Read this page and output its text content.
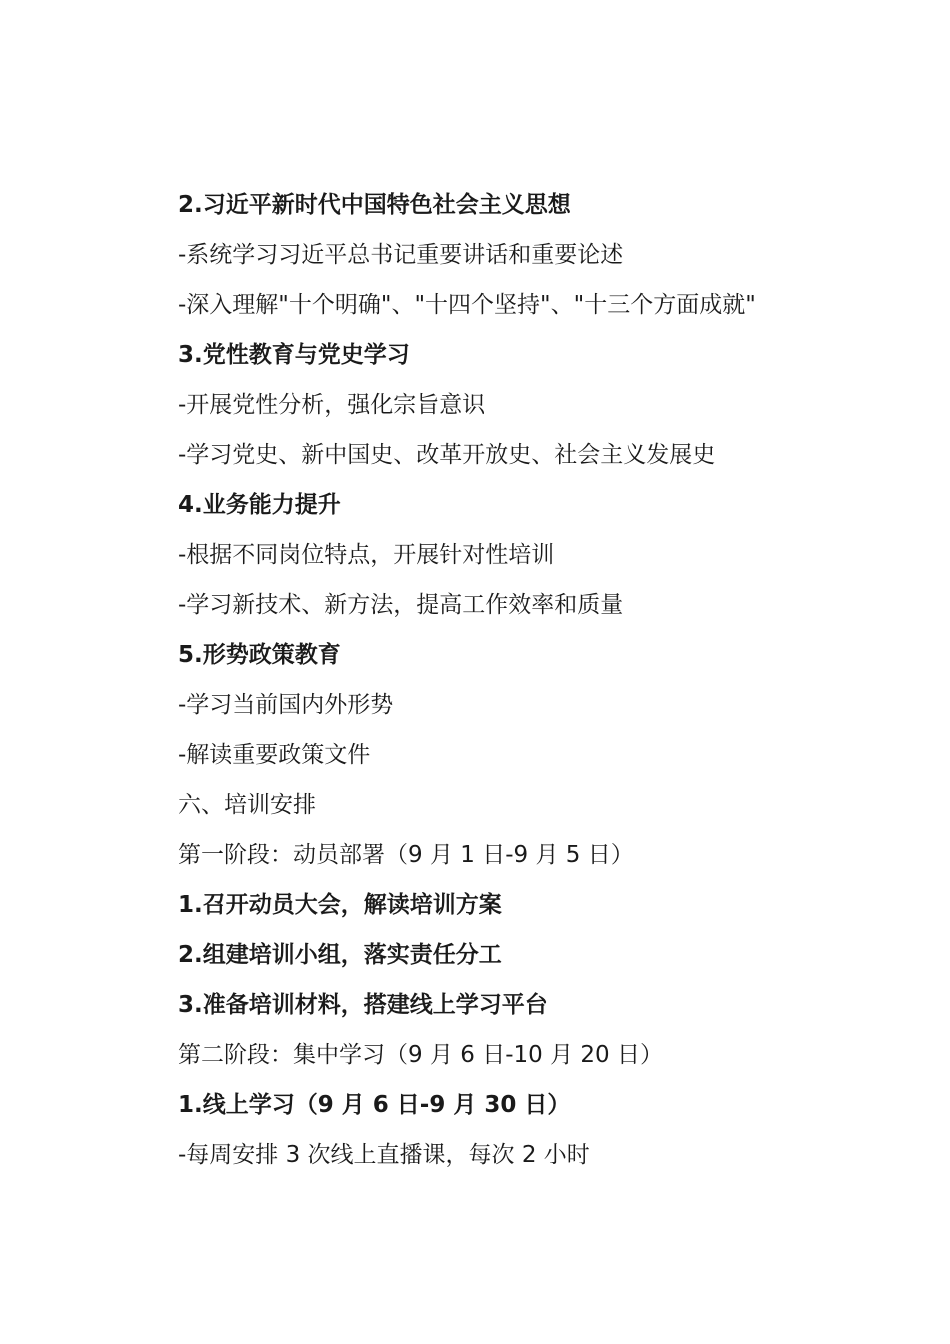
2.习近平新时代中国特色社会主义思想
-系统学习习近平总书记重要讲话和重要论述
-深入理解"十个明确"、"十四个坚持"、"十三个方面成就"
3.党性教育与党史学习
-开展党性分析，强化宗旨意识
-学习党史、新中国史、改革开放史、社会主义发展史
4.业务能力提升
-根据不同岗位特点，开展针对性培训
-学习新技术、新方法，提高工作效率和质量
5.形势政策教育
-学习当前国内外形势
-解读重要政策文件
六、培训安排
第一阶段：动员部署（9 月 1 日-9 月 5 日）
1.召开动员大会，解读培训方案
2.组建培训小组，落实责任分工
3.准备培训材料，搭建线上学习平台
第二阶段：集中学习（9 月 6 日-10 月 20 日）
1.线上学习（9 月 6 日-9 月 30 日）
-每周安排 3 次线上直播课，每次 2 小时
